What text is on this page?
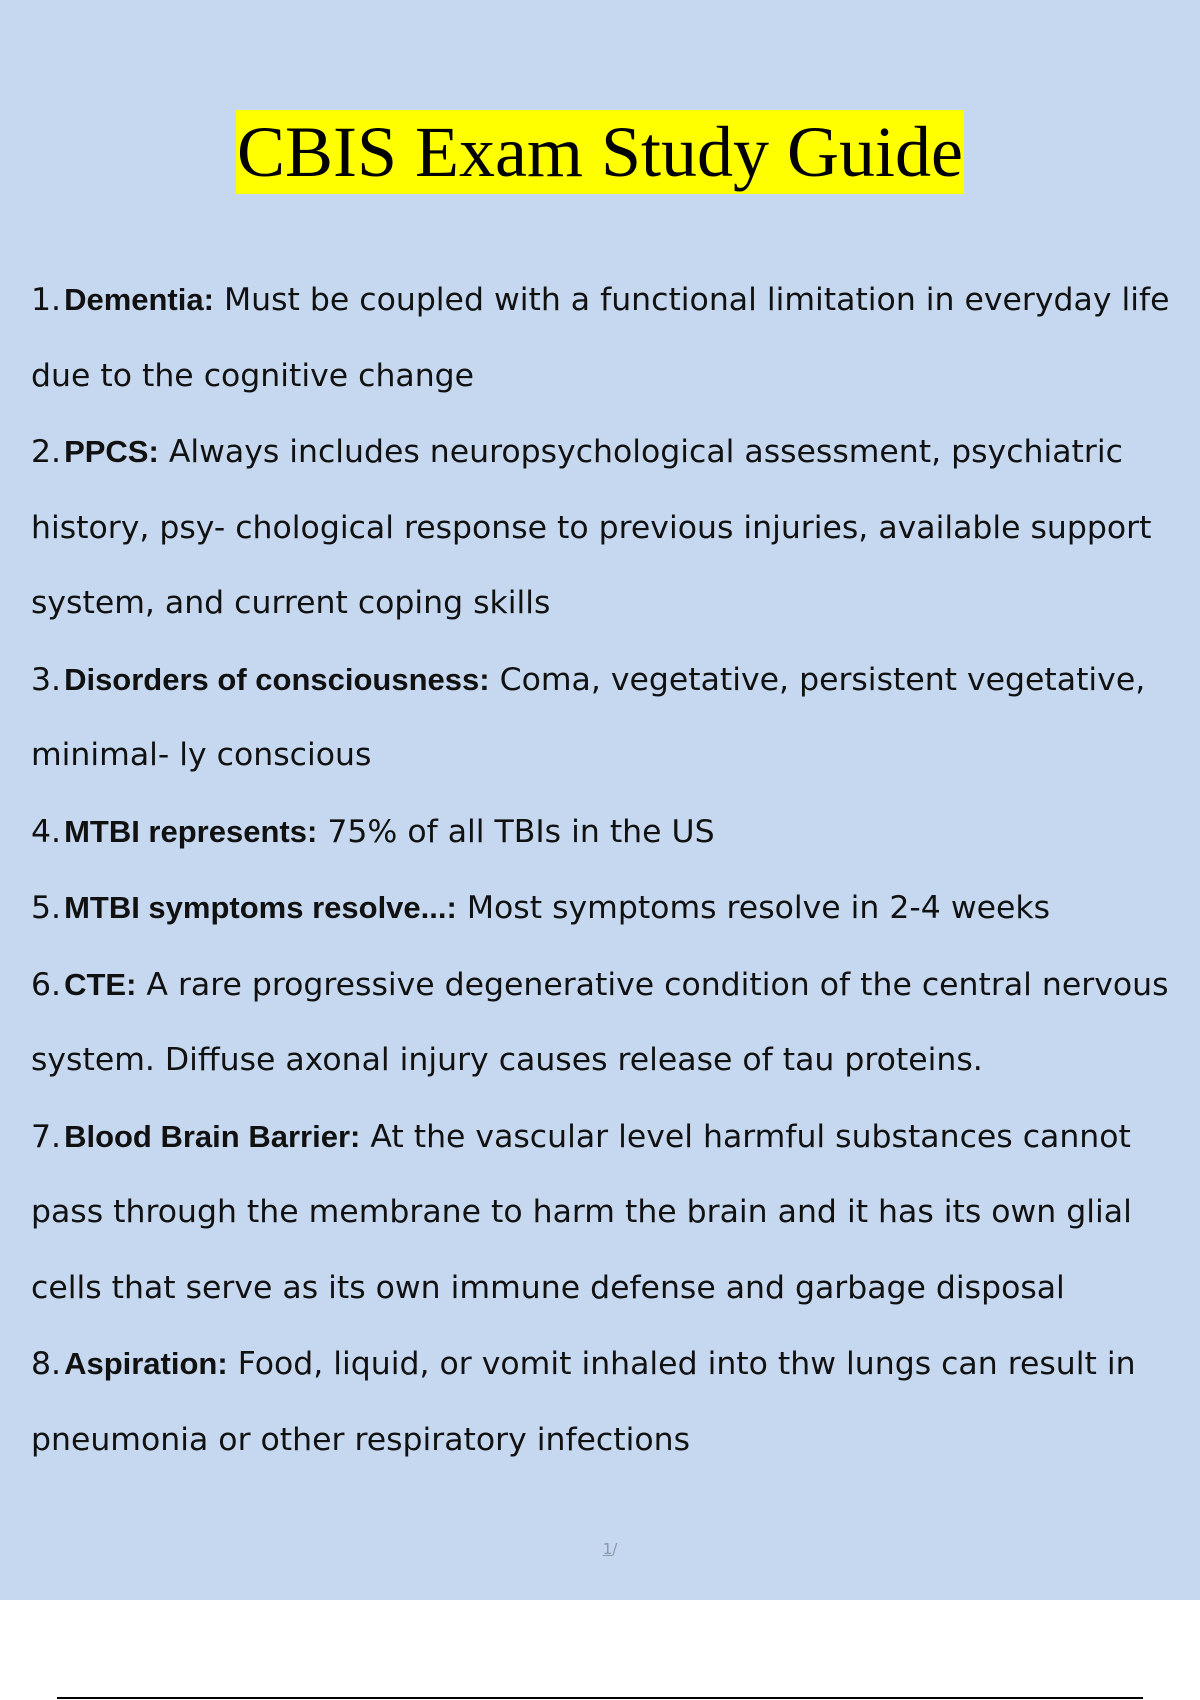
CBIS Exam Study Guide

1.Dementia: Must be coupled with a functional limitation in everyday life due to the cognitive change

2.PPCS: Always includes neuropsychological assessment, psychiatric history, psy- chological response to previous injuries, available support system, and current coping skills

3.Disorders of consciousness: Coma, vegetative, persistent vegetative, minimal- ly conscious

4.MTBI represents: 75% of all TBIs in the US

5.MTBI symptoms resolve...: Most symptoms resolve in 2-4 weeks

6.CTE: A rare progressive degenerative condition of the central nervous system. Diffuse axonal injury causes release of tau proteins.

7.Blood Brain Barrier: At the vascular level harmful substances cannot pass through the membrane to harm the brain and it has its own glial cells that serve as its own immune defense and garbage disposal

8.Aspiration: Food, liquid, or vomit inhaled into thw lungs can result in pneumonia or other respiratory infections

1/
